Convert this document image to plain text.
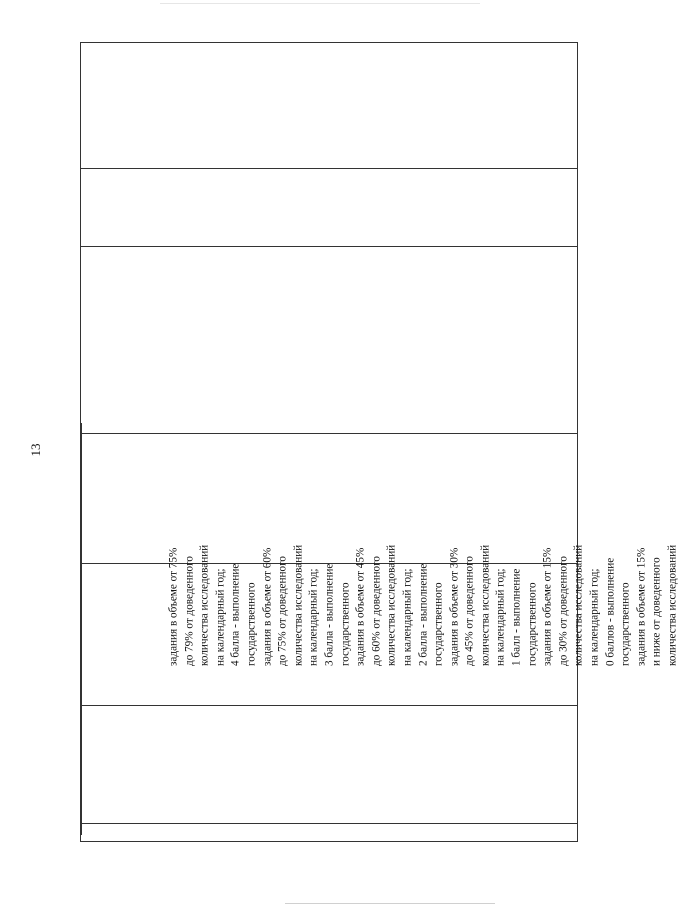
13
задания в объеме от 75% до 79% от доведенного количества исследований на календарный год; 4 балла - выполнение государственного задания в объеме от 60% до 75% от доведенного количества исследований на календарный год; 3 балла - выполнение государственного задания в объеме от 45% до 60% от доведенного количества исследований на календарный год; 2 балла - выполнение государственного задания в объеме от 30% до 45% от доведенного количества исследований на календарный год; 1 балл - выполнение государственного задания в объеме от 15% до 30% от доведенного количества исследований на календарный год; 0 баллов - выполнение государственного задания в объеме от 15% и ниже от доведенного количества исследований
